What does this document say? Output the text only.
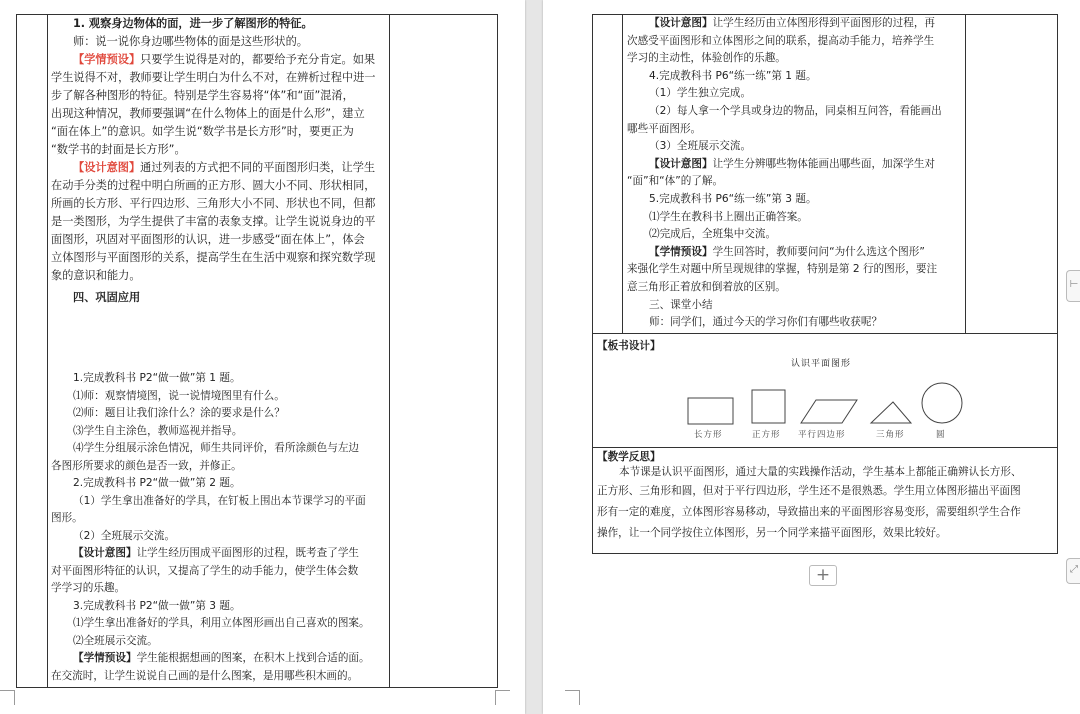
1. 观察身边物体的面，进一步了解图形的特征。
师：说一说你身边哪些物体的面是这些形状的。
【学情预设】只要学生说得是对的，都要给予充分肯定。如果
学生说得不对，教师要让学生明白为什么不对，在辨析过程中进一
步了解各种图形的特征。特别是学生容易将“体”和“面”混淆，
出现这种情况，教师要强调“在什么物体上的面是什么形”，建立
“面在体上”的意识。如学生说“数学书是长方形”时，要更正为
“数学书的封面是长方形”。
【设计意图】通过列表的方式把不同的平面图形归类，让学生
在动手分类的过程中明白所画的正方形、圆大小不同、形状相同，
所画的长方形、平行四边形、三角形大小不同、形状也不同，但都
是一类图形，为学生提供了丰富的表象支撑。让学生说说身边的平
面图形，巩固对平面图形的认识，进一步感受“面在体上”，体会
立体图形与平面图形的关系，提高学生在生活中观察和探究数学现
象的意识和能力。
四、巩固应用
1.完成教科书 P2“做一做”第 1 题。
⑴师：观察情境图，说一说情境图里有什么。
⑵师：题目让我们涂什么？涂的要求是什么？
⑶学生自主涂色，教师巡视并指导。
⑷学生分组展示涂色情况，师生共同评价，看所涂颜色与左边
各图形所要求的颜色是否一致，并修正。
2.完成教科书 P2“做一做”第 2 题。
（1）学生拿出准备好的学具，在钉板上围出本节课学习的平面
图形。
（2）全班展示交流。
【设计意图】让学生经历围成平面图形的过程，既考查了学生
对平面图形特征的认识，又提高了学生的动手能力，使学生体会数
学学习的乐趣。
3.完成教科书 P2“做一做”第 3 题。
⑴学生拿出准备好的学具，利用立体图形画出自己喜欢的图案。
⑵全班展示交流。
【学情预设】学生能根据想画的图案，在积木上找到合适的面。
在交流时，让学生说说自己画的是什么图案，是用哪些积木画的。
【设计意图】让学生经历由立体图形得到平面图形的过程，再
次感受平面图形和立体图形之间的联系，提高动手能力，培养学生
学习的主动性，体验创作的乐趣。
4.完成教科书 P6“练一练”第 1 题。
（1）学生独立完成。
（2）每人拿一个学具或身边的物品，同桌相互问答，看能画出
哪些平面图形。
（3）全班展示交流。
【设计意图】让学生分辨哪些物体能画出哪些面，加深学生对
“面”和“体”的了解。
5.完成教科书 P6“练一练”第 3 题。
⑴学生在教科书上圈出正确答案。
⑵完成后，全班集中交流。
【学情预设】学生回答时，教师要问问“为什么选这个图形”
来强化学生对题中所呈现规律的掌握，特别是第 2 行的图形，要注
意三角形正着放和倒着放的区别。
三、课堂小结
师：同学们，通过今天的学习你们有哪些收获呢？
【板书设计】
认识平面图形
长方形	正方形 平行四边形	三角形	圆
【教学反思】
本节课是认识平面图形，通过大量的实践操作活动，学生基本上都能正确辨认长方形、
正方形、三角形和圆，但对于平行四边形，学生还不是很熟悉。学生用立体图形描出平面图
形有一定的难度，立体图形容易移动，导致描出来的平面图形容易变形，需要组织学生合作
操作，让一个同学按住立体图形，另一个同学来描平面图形，效果比较好。
+
⊢
⤢
